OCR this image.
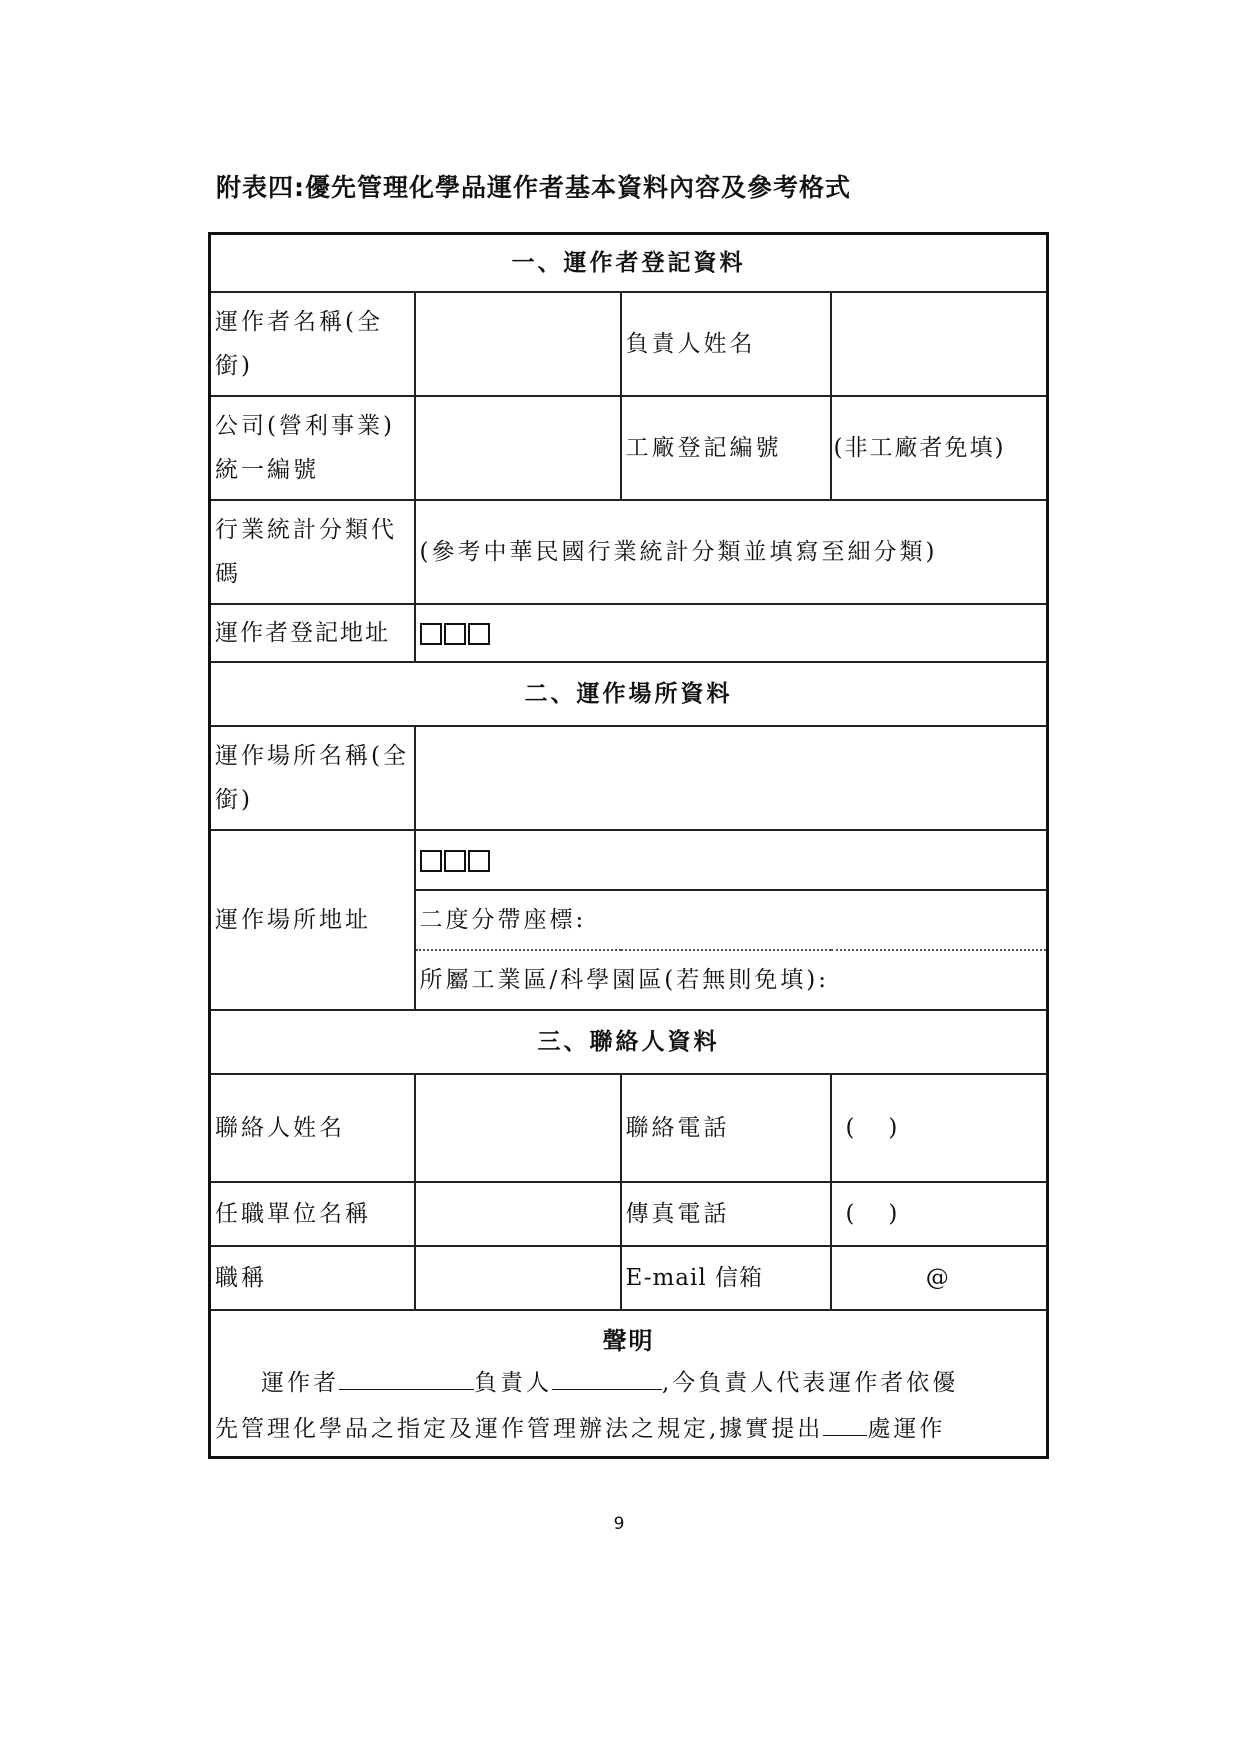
附表四:優先管理化學品運作者基本資料內容及參考格式
一、運作者登記資料			
運作者名稱(全銜)		負責人姓名	
公司(營利事業)統一編號		工廠登記編號	(非工廠者免填)
行業統計分類代碼	(參考中華民國行業統計分類並填寫至細分類)		
運作者登記地址			

二、運作場所資料			
運作場所名稱(全銜)			
運作場所地址			

	二度分帶座標:		
	所屬工業區/科學園區(若無則免填):		
三、聯絡人資料			
聯絡人姓名		聯絡電話	(   )
任職單位名稱		傳真電話	(   )
職稱		E-mail 信箱	@

聲明
運作者 負責人 ,今負責人代表運作者依優
先管理化學品之指定及運作管理辦法之規定,據實提出 處運作			
9
